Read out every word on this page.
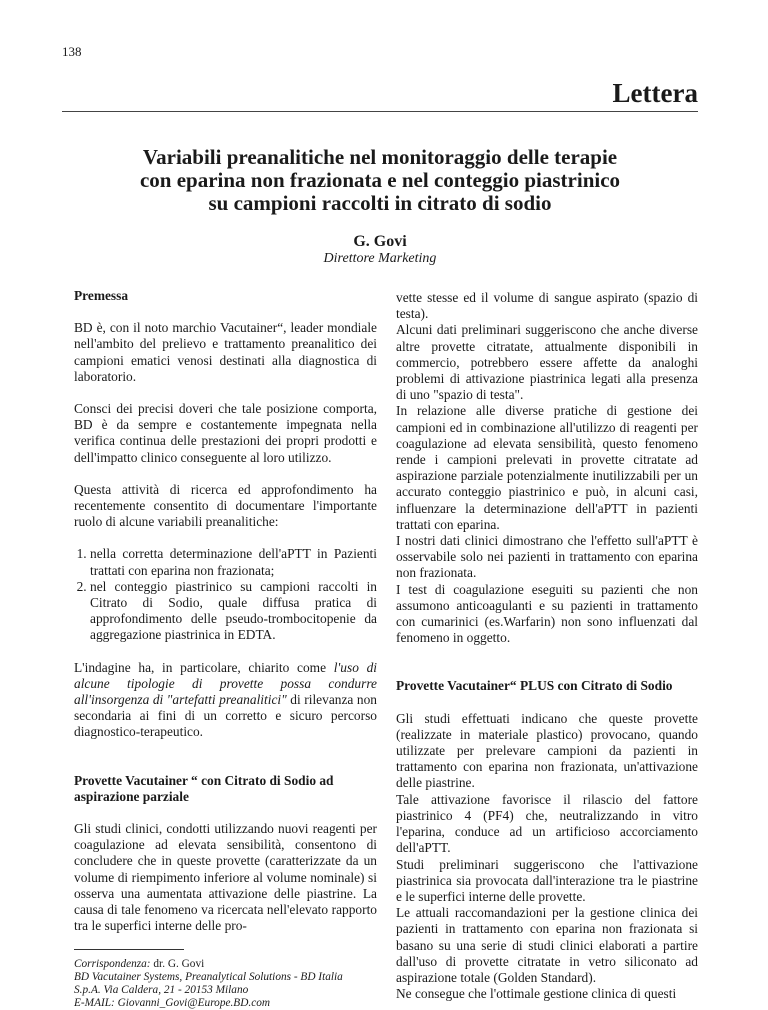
138
Lettera
Variabili preanalitiche nel monitoraggio delle terapie
con eparina non frazionata e nel conteggio piastrinico
su campioni raccolti in citrato di sodio
G. Govi
Direttore Marketing
Premessa

BD è, con il noto marchio Vacutainer“, leader mondiale nell'ambito del prelievo e trattamento preanalitico dei campioni ematici venosi destinati alla diagnostica di laboratorio.

Consci dei precisi doveri che tale posizione comporta, BD è da sempre e costantemente impegnata nella verifica continua delle prestazioni dei propri prodotti e dell'impatto clinico conseguente al loro utilizzo.

Questa attività di ricerca ed approfondimento ha recentemente consentito di documentare l'importante ruolo di alcune variabili preanalitiche:

1. nella corretta determinazione dell'aPTT in Pazienti trattati con eparina non frazionata;
2. nel conteggio piastrinico su campioni raccolti in Citrato di Sodio, quale diffusa pratica di approfondimento delle pseudo-trombocitopenie da aggregazione piastrinica in EDTA.

L'indagine ha, in particolare, chiarito come l'uso di alcune tipologie di provette possa condurre all'insorgenza di "artefatti preanalitici" di rilevanza non secondaria ai fini di un corretto e sicuro percorso diagnostico-terapeutico.

Provette Vacutainer “ con Citrato di Sodio ad aspirazione parziale

Gli studi clinici, condotti utilizzando nuovi reagenti per coagulazione ad elevata sensibilità, consentono di concludere che in queste provette (caratterizzate da un volume di riempimento inferiore al volume nominale) si osserva una aumentata attivazione delle piastrine. La causa di tale fenomeno va ricercata nell'elevato rapporto tra le superfici interne delle pro-

Corrispondenza: dr. G. Govi
BD Vacutainer Systems, Preanalytical Solutions - BD Italia
S.p.A. Via Caldera, 21 - 20153 Milano
E-MAIL: Giovanni_Govi@Europe.BD.com

vette stesse ed il volume di sangue aspirato (spazio di testa).

Alcuni dati preliminari suggeriscono che anche diverse altre provette citratate, attualmente disponibili in commercio, potrebbero essere affette da analoghi problemi di attivazione piastrinica legati alla presenza di uno "spazio di testa".

In relazione alle diverse pratiche di gestione dei campioni ed in combinazione all'utilizzo di reagenti per coagulazione ad elevata sensibilità, questo fenomeno rende i campioni prelevati in provette citratate ad aspirazione parziale potenzialmente inutilizzabili per un accurato conteggio piastrinico e può, in alcuni casi, influenzare la determinazione dell'aPTT in pazienti trattati con eparina.

I nostri dati clinici dimostrano che l'effetto sull'aPTT è osservabile solo nei pazienti in trattamento con eparina non frazionata.

I test di coagulazione eseguiti su pazienti che non assumono anticoagulanti e su pazienti in trattamento con cumarinici (es.Warfarin) non sono influenzati dal fenomeno in oggetto.

Provette Vacutainer“ PLUS con Citrato di Sodio

Gli studi effettuati indicano che queste provette (realizzate in materiale plastico) provocano, quando utilizzate per prelevare campioni da pazienti in trattamento con eparina non frazionata, un'attivazione delle piastrine.

Tale attivazione favorisce il rilascio del fattore piastrinico 4 (PF4) che, neutralizzando in vitro l'eparina, conduce ad un artificioso accorciamento dell'aPTT.

Studi preliminari suggeriscono che l'attivazione piastrinica sia provocata dall'interazione tra le piastrine e le superfici interne delle provette.

Le attuali raccomandazioni per la gestione clinica dei pazienti in trattamento con eparina non frazionata si basano su una serie di studi clinici elaborati a partire dall'uso di provette citratate in vetro siliconato ad aspirazione totale (Golden Standard).

Ne consegue che l'ottimale gestione clinica di questi
